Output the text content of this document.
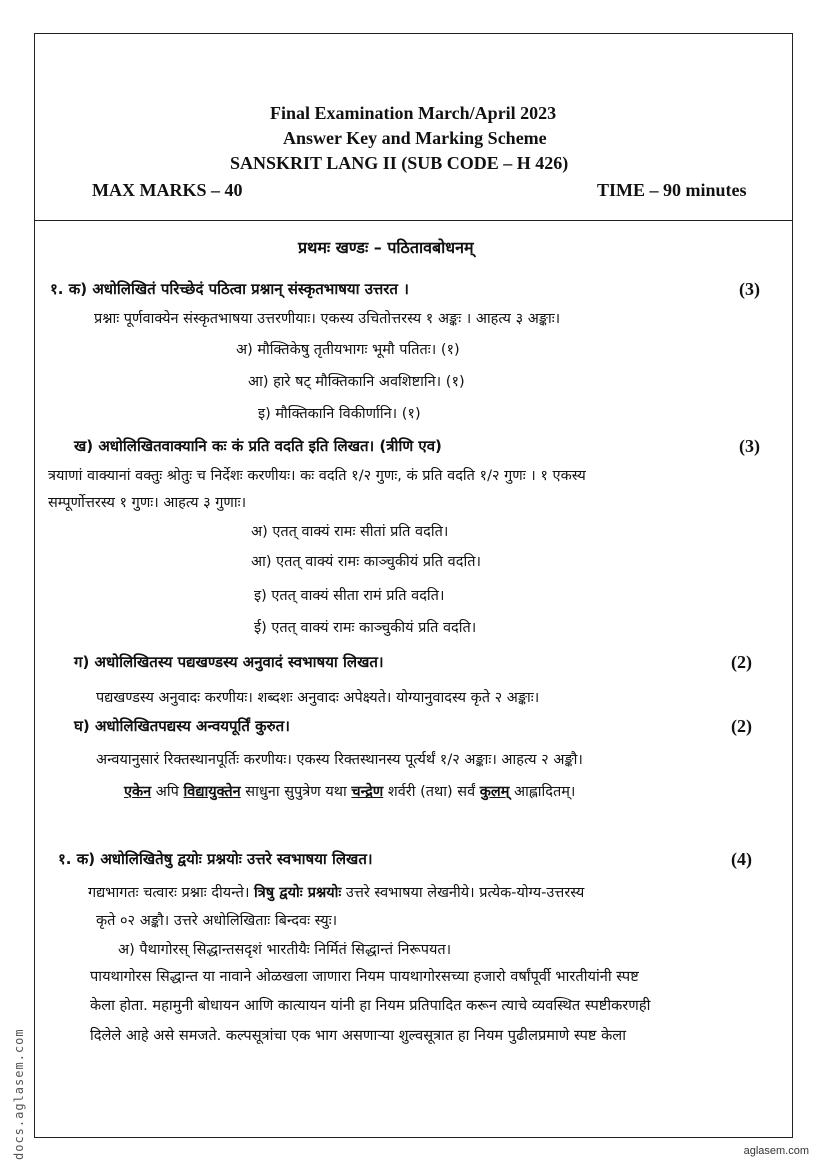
Final Examination March/April 2023
Answer Key and Marking Scheme
SANSKRIT LANG II (SUB CODE – H 426)
MAX MARKS – 40	TIME – 90 minutes
प्रथमः खण्डः – पठितावबोधनम्
१. क) अधोलिखितं परिच्छेदं पठित्वा प्रश्नान् संस्कृतभाषया उत्तरत ।	(3)
प्रश्नाः पूर्णवाक्येन संस्कृतभाषया उत्तरणीयाः। एकस्य उचितोत्तरस्य १ अङ्कः । आहत्य ३ अङ्काः।
अ) मौक्तिकेषु तृतीयभागः भूमौ पतितः। (१)
आ) हारे षट् मौक्तिकानि अवशिष्टानि। (१)
इ) मौक्तिकानि विकीर्णानि। (१)
ख) अधोलिखितवाक्यानि कः कं प्रति वदति इति लिखत। (त्रीणि एव)	(3)
त्रयाणां वाक्यानां वक्तुः श्रोतुः च निर्देशः करणीयः। कः वदति १/२ गुणः, कं प्रति वदति १/२ गुणः । १ एकस्य
सम्पूर्णोत्तरस्य १ गुणः। आहत्य ३ गुणाः।
अ) एतत् वाक्यं रामः सीतां प्रति वदति।
आ) एतत् वाक्यं रामः काञ्चुकीयं प्रति वदति।
इ) एतत् वाक्यं सीता रामं प्रति वदति।
ई) एतत् वाक्यं रामः काञ्चुकीयं प्रति वदति।
ग) अधोलिखितस्य पद्यखण्डस्य अनुवादं स्वभाषया लिखत।	(2)
पद्यखण्डस्य अनुवादः करणीयः। शब्दशः अनुवादः अपेक्ष्यते। योग्यानुवादस्य कृते २ अङ्काः।
घ) अधोलिखितपद्यस्य अन्वयपूर्तिं कुरुत।	(2)
अन्वयानुसारं रिक्तस्थानपूर्तिः करणीयः। एकस्य रिक्तस्थानस्य पूर्त्यर्थं १/२ अङ्काः। आहत्य २ अङ्कौ।
एकेन अपि विद्यायुक्तेन साधुना सुपुत्रेण यथा चन्द्रेण शर्वरी (तथा) सर्वं कुलम् आह्लादितम्।
१. क) अधोलिखितेषु द्वयोः प्रश्नयोः उत्तरे स्वभाषया लिखत।	(4)
गद्यभागतः चत्वारः प्रश्नाः दीयन्ते। त्रिषु द्वयोः प्रश्नयोः उत्तरे स्वभाषया लेखनीये। प्रत्येक-योग्य-उत्तरस्य
कृते ०२ अङ्कौ। उत्तरे अधोलिखिताः बिन्दवः स्युः।
अ) पैथागोरस् सिद्धान्तसदृशं भारतीयैः निर्मितं सिद्धान्तं निरूपयत।
पायथागोरस सिद्धान्त या नावाने ओळखला जाणारा नियम पायथागोरसच्या हजारो वर्षांपूर्वी भारतीयांनी स्पष्ट
केला होता. महामुनी बोधायन आणि कात्यायन यांनी हा नियम प्रतिपादित करून त्याचे व्यवस्थित स्पष्टीकरणही
दिलेले आहे असे समजते. कल्पसूत्रांचा एक भाग असणाऱ्या शुल्वसूत्रात हा नियम पुढीलप्रमाणे स्पष्ट केला
docs.aglasem.com	aglasem.com
